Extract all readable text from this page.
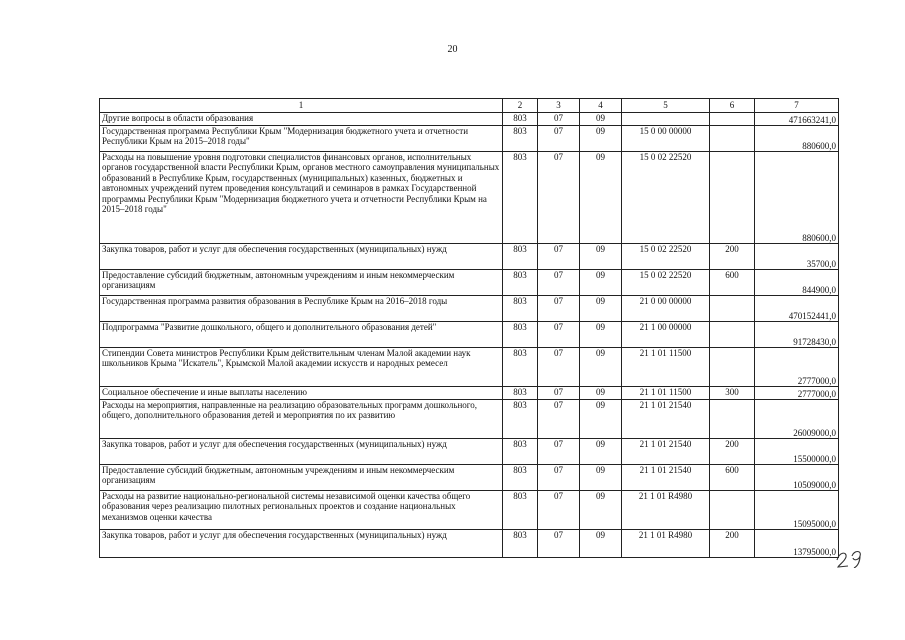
20
1	2	3	4	5	6	7
Другие вопросы в области образования	803	07	09			471663241,0
Государственная программа Республики Крым "Модернизация бюджетного учета и отчетности Республики Крым на 2015–2018 годы"	803	07	09	15 0 00 00000		880600,0
Расходы на повышение уровня подготовки специалистов финансовых органов, исполнительных органов государственной власти Республики Крым, органов местного самоуправления муниципальных образований в Республике Крым, государственных (муниципальных) казенных, бюджетных и автономных учреждений путем проведения консультаций и семинаров в рамках Государственной программы Республики Крым "Модернизация бюджетного учета и отчетности Республики Крым на 2015–2018 годы"	803	07	09	15 0 02 22520		880600,0
Закупка товаров, работ и услуг для обеспечения государственных (муниципальных) нужд	803	07	09	15 0 02 22520	200	35700,0
Предоставление субсидий бюджетным, автономным учреждениям и иным некоммерческим организациям	803	07	09	15 0 02 22520	600	844900,0
Государственная программа развития образования в Республике Крым на 2016–2018 годы	803	07	09	21 0 00 00000		470152441,0
Подпрограмма "Развитие дошкольного, общего и дополнительного образования детей"	803	07	09	21 1 00 00000		91728430,0
Стипендии Совета министров Республики Крым действительным членам Малой академии наук школьников Крыма "Искатель", Крымской Малой академии искусств и народных ремесел	803	07	09	21 1 01 11500		2777000,0
Социальное обеспечение и иные выплаты населению	803	07	09	21 1 01 11500	300	2777000,0
Расходы на мероприятия, направленные на реализацию образовательных программ дошкольного, общего, дополнительного образования детей и мероприятия по их развитию	803	07	09	21 1 01 21540		26009000,0
Закупка товаров, работ и услуг для обеспечения государственных (муниципальных) нужд	803	07	09	21 1 01 21540	200	15500000,0
Предоставление субсидий бюджетным, автономным учреждениям и иным некоммерческим организациям	803	07	09	21 1 01 21540	600	10509000,0
Расходы на развитие национально-региональной системы независимой оценки качества общего образования через реализацию пилотных региональных проектов и создание национальных механизмов оценки качества	803	07	09	21 1 01 R4980		15095000,0
Закупка товаров, работ и услуг для обеспечения государственных (муниципальных) нужд	803	07	09	21 1 01 R4980	200	13795000,0
